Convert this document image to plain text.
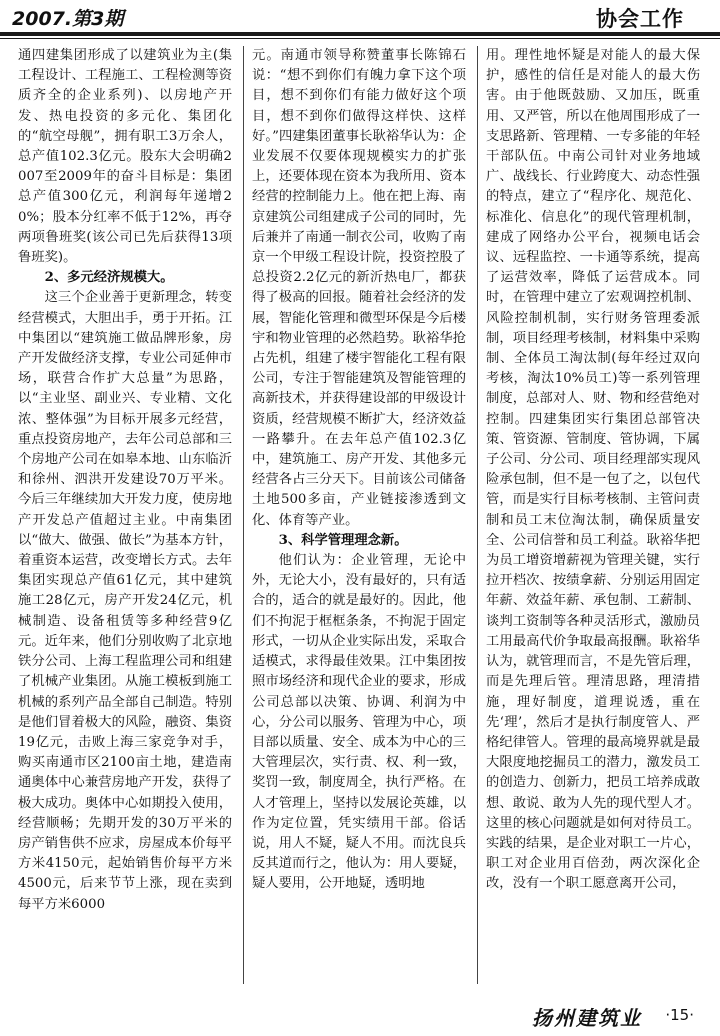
2007.第3期	协会工作

通四建集团形成了以建筑业为主(集工程设计、工程施工、工程检测等资质齐全的企业系列)、以房地产开发、热电投资的多元化、集团化的“航空母舰”，拥有职工3万余人，总产值102.3亿元。股东大会明确2007至2009年的奋斗目标是：集团总产值300亿元，利润每年递增20%；股本分红率不低于12%，再夺两项鲁班奖(该公司已先后获得13项鲁班奖)。

2、多元经济规模大。

这三个企业善于更新理念，转变经营模式，大胆出手，勇于开拓。江中集团以“建筑施工做品牌形象，房产开发做经济支撑，专业公司延伸市场，联营合作扩大总量”为思路，以“主业坚、副业兴、专业精、文化浓、整体强”为目标开展多元经营，重点投资房地产，去年公司总部和三个房地产公司在如皋本地、山东临沂和徐州、泗洪开发建设70万平米。今后三年继续加大开发力度，使房地产开发总产值超过主业。中南集团以“做大、做强、做长”为基本方针，着重资本运营，改变增长方式。去年集团实现总产值61亿元，其中建筑施工28亿元，房产开发24亿元，机械制造、设备租赁等多种经营9亿元。近年来，他们分别收购了北京地铁分公司、上海工程监理公司和组建了机械产业集团。从施工模板到施工机械的系列产品全部自己制造。特别是他们冒着极大的风险，融资、集资19亿元，击败上海三家竞争对手，购买南通市区2100亩土地，建造南通奥体中心兼营房地产开发，获得了极大成功。奥体中心如期投入使用，经营顺畅；先期开发的30万平米的房产销售供不应求，房屋成本价每平方米4150元，起始销售价每平方米4500元，后来节节上涨，现在卖到每平方米6000

元。南通市领导称赞董事长陈锦石说：“想不到你们有魄力拿下这个项目，想不到你们有能力做好这个项目，想不到你们做得这样快、这样好。”四建集团董事长耿裕华认为：企业发展不仅要体现规模实力的扩张上，还要体现在资本为我所用、资本经营的控制能力上。他在把上海、南京建筑公司组建成子公司的同时，先后兼并了南通一制衣公司，收购了南京一个甲级工程设计院，投资控股了总投资2.2亿元的新沂热电厂，都获得了极高的回报。随着社会经济的发展，智能化管理和微型环保是今后楼宇和物业管理的必然趋势。耿裕华抢占先机，组建了楼宇智能化工程有限公司，专注于智能建筑及智能管理的高新技术，并获得建设部的甲级设计资质，经营规模不断扩大，经济效益一路攀升。在去年总产值102.3亿中，建筑施工、房产开发、其他多元经营各占三分天下。目前该公司储备土地500多亩，产业链接渗透到文化、体育等产业。

3、科学管理理念新。

他们认为：企业管理，无论中外，无论大小，没有最好的，只有适合的，适合的就是最好的。因此，他们不拘泥于框框条条，不拘泥于固定形式，一切从企业实际出发，采取合适模式，求得最佳效果。江中集团按照市场经济和现代企业的要求，形成公司总部以决策、协调、利润为中心，分公司以服务、管理为中心，项目部以质量、安全、成本为中心的三大管理层次，实行责、权、利一致，奖罚一致，制度周全，执行严格。在人才管理上，坚持以发展论英雄，以作为定位置，凭实绩用干部。俗话说，用人不疑，疑人不用。而沈良兵反其道而行之，他认为：用人要疑，疑人要用，公开地疑，透明地

用。理性地怀疑是对能人的最大保护，感性的信任是对能人的最大伤害。由于他既鼓励、又加压，既重用、又严管，所以在他周围形成了一支思路新、管理精、一专多能的年轻干部队伍。中南公司针对业务地域广、战线长、行业跨度大、动态性强的特点，建立了“程序化、规范化、标准化、信息化”的现代管理机制，建成了网络办公平台，视频电话会议、远程监控、一卡通等系统，提高了运营效率，降低了运营成本。同时，在管理中建立了宏观调控机制、风险控制机制，实行财务管理委派制，项目经理考核制，材料集中采购制、全体员工淘汰制(每年经过双向考核，淘汰10%员工)等一系列管理制度，总部对人、财、物和经营绝对控制。四建集团实行集团总部管决策、管资源、管制度、管协调，下属子公司、分公司、项目经理部实现风险承包制，但不是一包了之，以包代管，而是实行目标考核制、主管问责制和员工末位淘汰制，确保质量安全、公司信誉和员工利益。耿裕华把为员工增资增薪视为管理关键，实行拉开档次、按绩拿薪、分别运用固定年薪、效益年薪、承包制、工薪制、谈判工资制等各种灵活形式，激励员工用最高代价争取最高报酬。耿裕华认为，就管理而言，不是先管后理，而是先理后管。理清思路，理清措施，理好制度，道理说透，重在先‘理’，然后才是执行制度管人、严格纪律管人。管理的最高境界就是最大限度地挖掘员工的潜力，激发员工的创造力、创新力，把员工培养成敢想、敢说、敢为人先的现代型人才。这里的核心问题就是如何对待员工。实践的结果，是企业对职工一片心，职工对企业用百倍劲，两次深化企改，没有一个职工愿意离开公司，

扬州建筑业 ·15·
